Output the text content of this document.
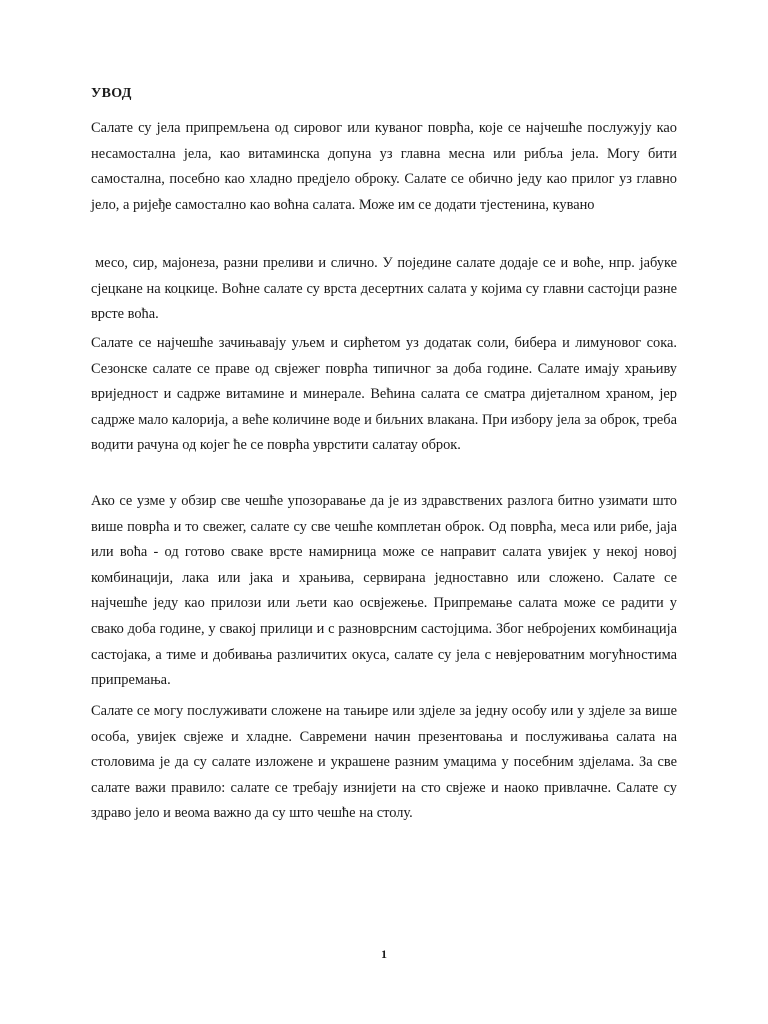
УВОД

Салате су јела припремљена од сировог или куваног поврћа, које се најчешће послужују као несамостална јела, као витаминска допуна уз главна месна или рибља јела. Могу бити самостална, посебно као хладно предјело оброку. Салате се обично једу као прилог уз главно јело, а ријеђе самостално као воћна салата. Може им се додати тјестенина, кувано

месо, сир, мајонеза, разни преливи и слично. У поједине салате додаје се и воће, нпр. јабуке сјецкане на коцкице. Воћне салате су врста десертних салата у којима су главни састојци разне врсте воћа.

Салате се најчешће зачињавају уљем и сирћетом уз додатак соли, бибера и лимуновог сока. Сезонске салате се праве од свјежег поврћа типичног за доба године. Салате имају храњиву вриједност и садрже витамине и минерале. Већина салата се сматра дијеталном храном, јер садрже мало калорија, а веће количине воде и биљних влакана. При избору јела за оброк, треба водити рачуна од којег ће се поврћа уврстити салатау оброк.

Ако се узме у обзир све чешће упозоравање да је из здравствених разлога битно узимати што више поврћа и то свежег, салате су све чешће комплетан оброк. Од поврћа, меса или рибе, јаја или воћа - од готово сваке врсте намирница може се направит салата увијек у некој новој комбинацији, лака или јака и храњива, сервирана једноставно или сложено. Салате се најчешће једу као прилози или љети као освјежење. Припремање салата може се радити у свако доба године, у свакој прилици и с разноврсним састојцима. Због небројених комбинација састојака, а тиме и добивања различитих окуса, салате су јела с невјероватним могућностима припремања.

Салате се могу послуживати сложене на тањире или здјеле за једну особу или у здјеле за више особа, увијек свјеже и хладне. Савремени начин презентовања и послуживања салата на столовима је да су салате изложене и украшене разним умацима у посебним здјелама. За све салате важи правило: салате се требају изнијети на сто свјеже и наоко привлачне. Салате су здраво јело и веома важно да су што чешће на столу.

1
